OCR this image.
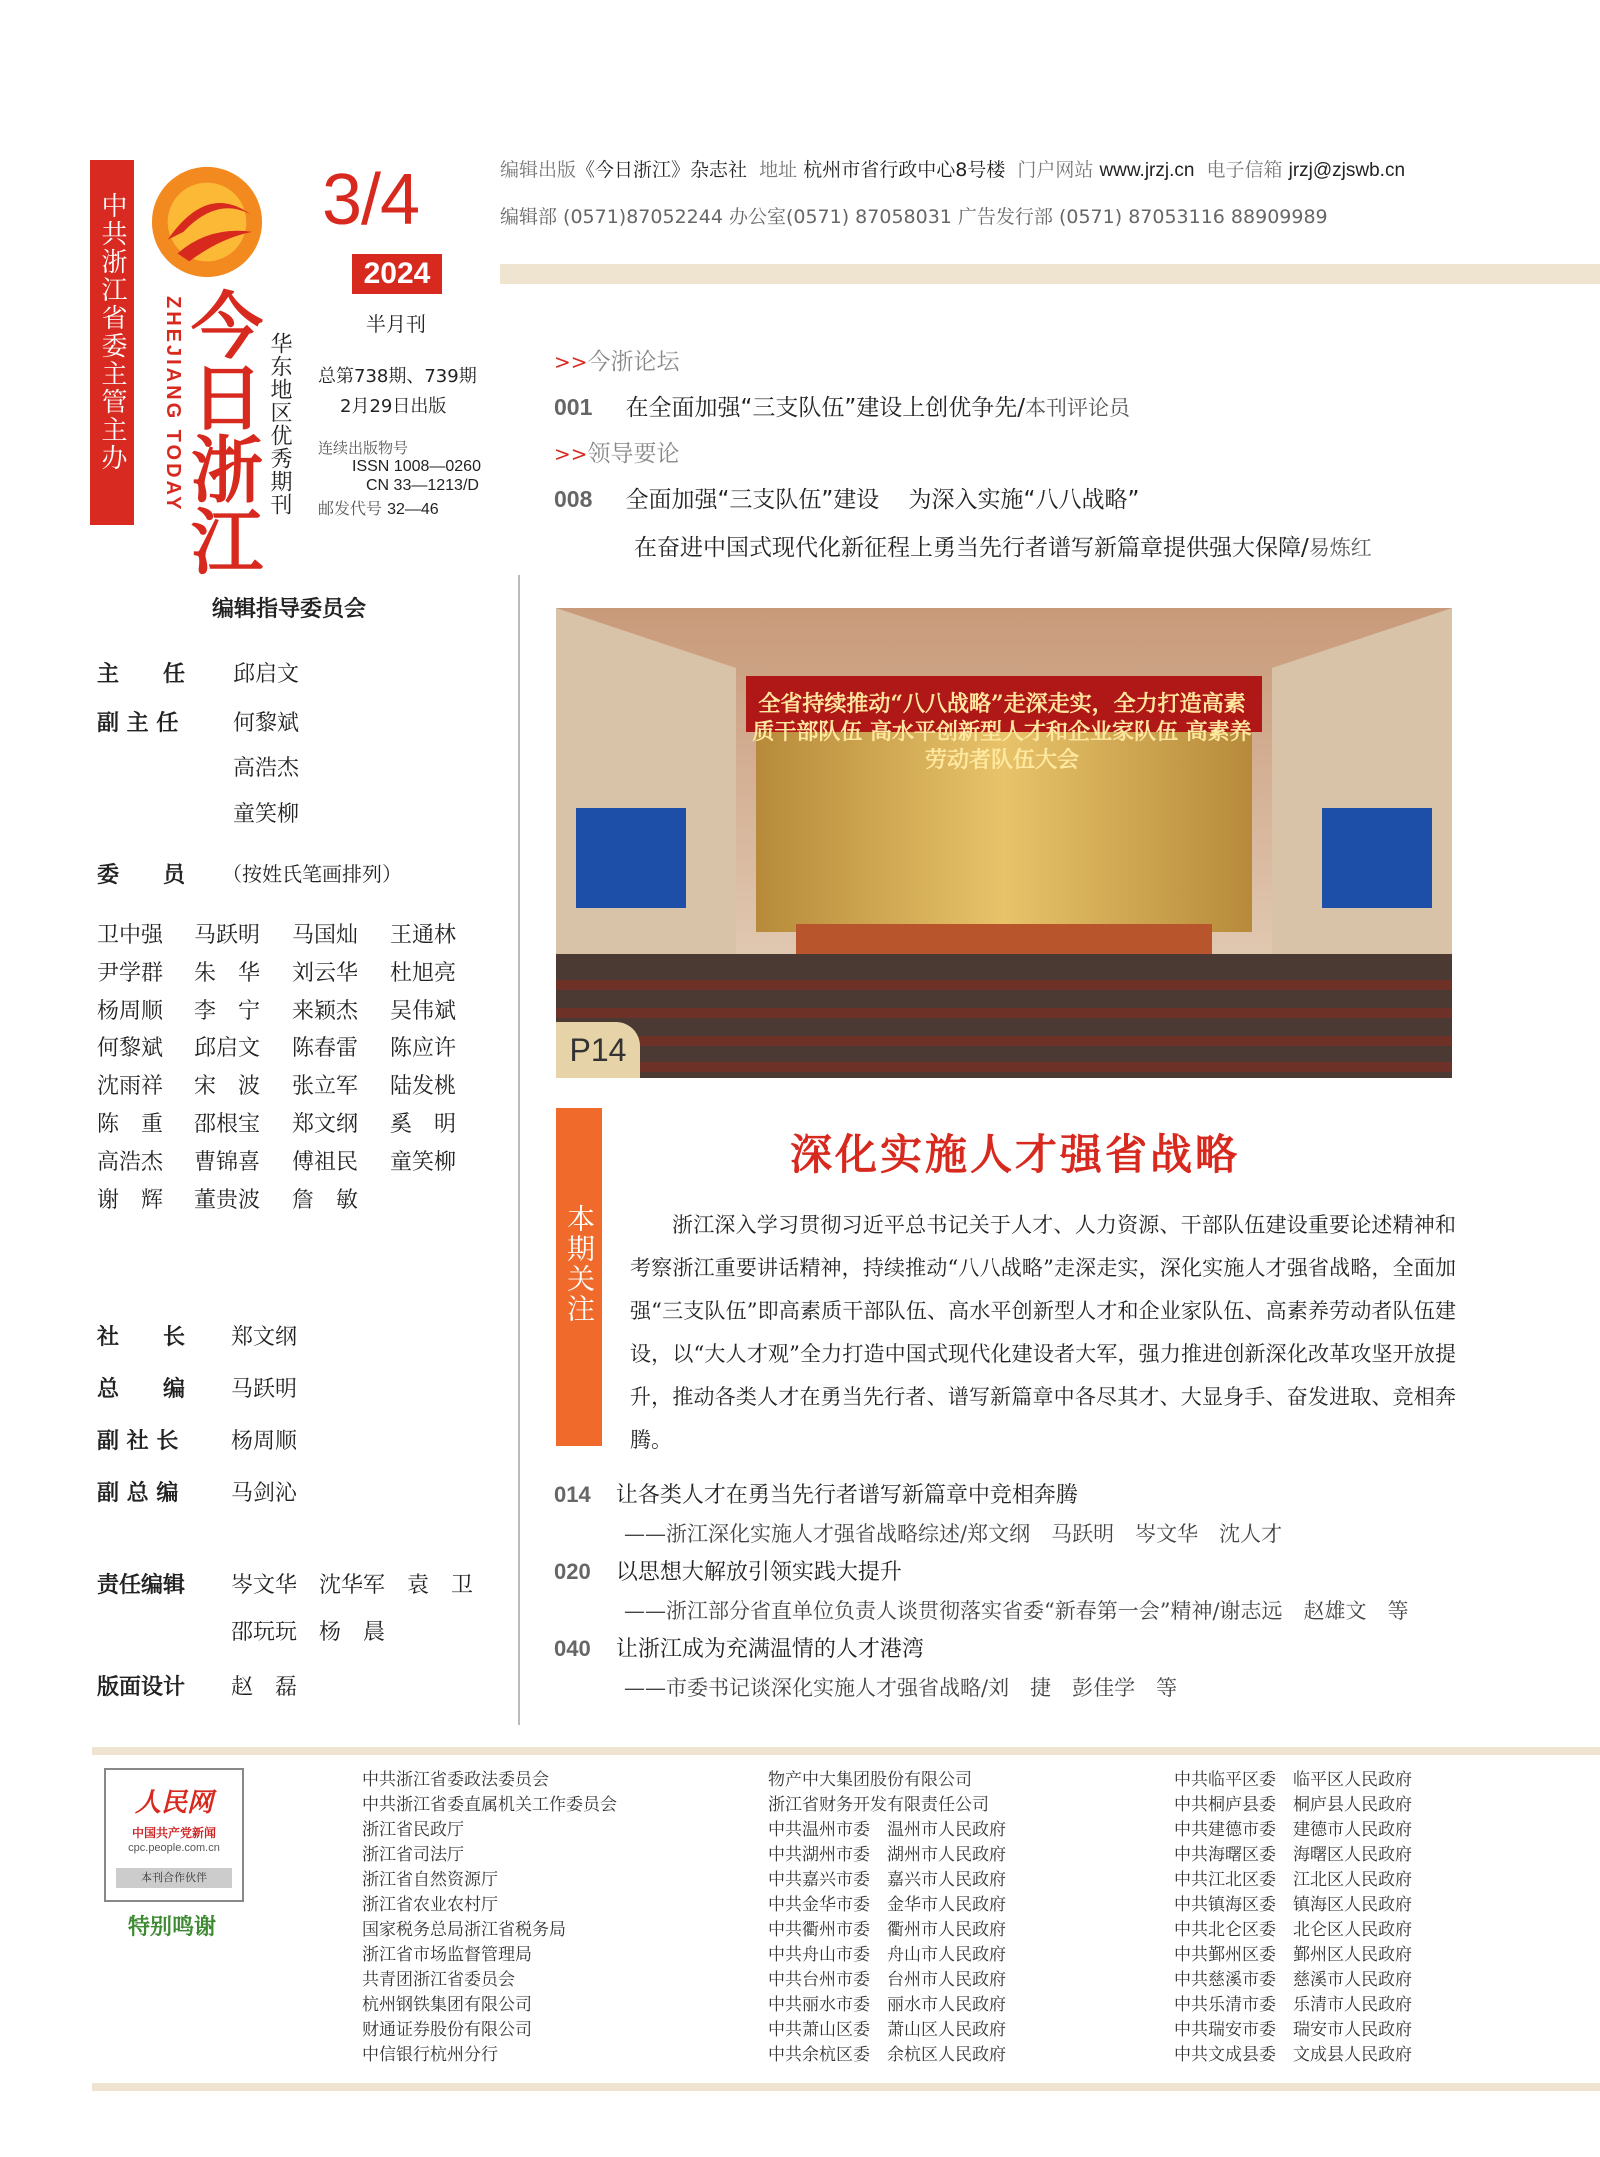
中共浙江省委主管主办	ZHEJIANG TODAY
今日浙江 华东地区优秀期刊
3/4
2024
半月刊
总第738期、739期
2月29日出版
连续出版物号
ISSN 1008—0260
CN 33—1213/D
邮发代号 32—46
编辑出版《今日浙江》杂志社 地址 杭州市省行政中心8号楼 门户网站 www.jrzj.cn 电子信箱 jrzj@zjswb.cn
编辑部 (0571)87052244 办公室(0571) 87058031 广告发行部 (0571) 87053116 88909989
>>今浙论坛
001 在全面加强“三支队伍”建设上创优争先/本刊评论员
>>领导要论
008 全面加强“三支队伍”建设    为深入实施“八八战略”
在奋进中国式现代化新征程上勇当先行者谱写新篇章提供强大保障/易炼红
编辑指导委员会
主　　任 邱启文
副 主 任 何黎斌
高浩杰
童笑柳
委　　员 （按姓氏笔画排列）
卫中强 马跃明 马国灿 王通林
尹学群 朱　华 刘云华 杜旭亮
杨周顺 李　宁 来颖杰 吴伟斌
何黎斌 邱启文 陈春雷 陈应许
沈雨祥 宋　波 张立军 陆发桃
陈　重 邵根宝 郑文纲 奚　明
高浩杰 曹锦喜 傅祖民 童笑柳
谢　辉 董贵波 詹　敏
社　　长 郑文纲
总　　编 马跃明
副 社 长 杨周顺
副 总 编 马剑沁
责任编辑 岑文华　沈华军　袁　卫
邵玩玩　杨　晨
版面设计 赵　磊
全省持续推动“八八战略”走深走实，全力打造高素质干部队伍 高水平创新型人才和企业家队伍 高素养劳动者队伍大会
P14
本期关注
深化实施人才强省战略
浙江深入学习贯彻习近平总书记关于人才、人力资源、干部队伍建设重要论述精神和考察浙江重要讲话精神，持续推动“八八战略”走深走实，深化实施人才强省战略，全面加强“三支队伍”即高素质干部队伍、高水平创新型人才和企业家队伍、高素养劳动者队伍建设，以“大人才观”全力打造中国式现代化建设者大军，强力推进创新深化改革攻坚开放提升，推动各类人才在勇当先行者、谱写新篇章中各尽其才、大显身手、奋发进取、竞相奔腾。
014 让各类人才在勇当先行者谱写新篇章中竞相奔腾
——浙江深化实施人才强省战略综述/郑文纲　马跃明　岑文华　沈人才
020 以思想大解放引领实践大提升
——浙江部分省直单位负责人谈贯彻落实省委“新春第一会”精神/谢志远　赵雄文　等
040 让浙江成为充满温情的人才港湾
——市委书记谈深化实施人才强省战略/刘　捷　彭佳学　等
人民网
中国共产党新闻
cpc.people.com.cn
本刊合作伙伴
特别鸣谢
中共浙江省委政法委员会
中共浙江省委直属机关工作委员会
浙江省民政厅
浙江省司法厅
浙江省自然资源厅
浙江省农业农村厅
国家税务总局浙江省税务局
浙江省市场监督管理局
共青团浙江省委员会
杭州钢铁集团有限公司
财通证券股份有限公司
中信银行杭州分行
物产中大集团股份有限公司
浙江省财务开发有限责任公司
中共温州市委　温州市人民政府
中共湖州市委　湖州市人民政府
中共嘉兴市委　嘉兴市人民政府
中共金华市委　金华市人民政府
中共衢州市委　衢州市人民政府
中共舟山市委　舟山市人民政府
中共台州市委　台州市人民政府
中共丽水市委　丽水市人民政府
中共萧山区委　萧山区人民政府
中共余杭区委　余杭区人民政府
中共临平区委　临平区人民政府
中共桐庐县委　桐庐县人民政府
中共建德市委　建德市人民政府
中共海曙区委　海曙区人民政府
中共江北区委　江北区人民政府
中共镇海区委　镇海区人民政府
中共北仑区委　北仑区人民政府
中共鄞州区委　鄞州区人民政府
中共慈溪市委　慈溪市人民政府
中共乐清市委　乐清市人民政府
中共瑞安市委　瑞安市人民政府
中共文成县委　文成县人民政府
